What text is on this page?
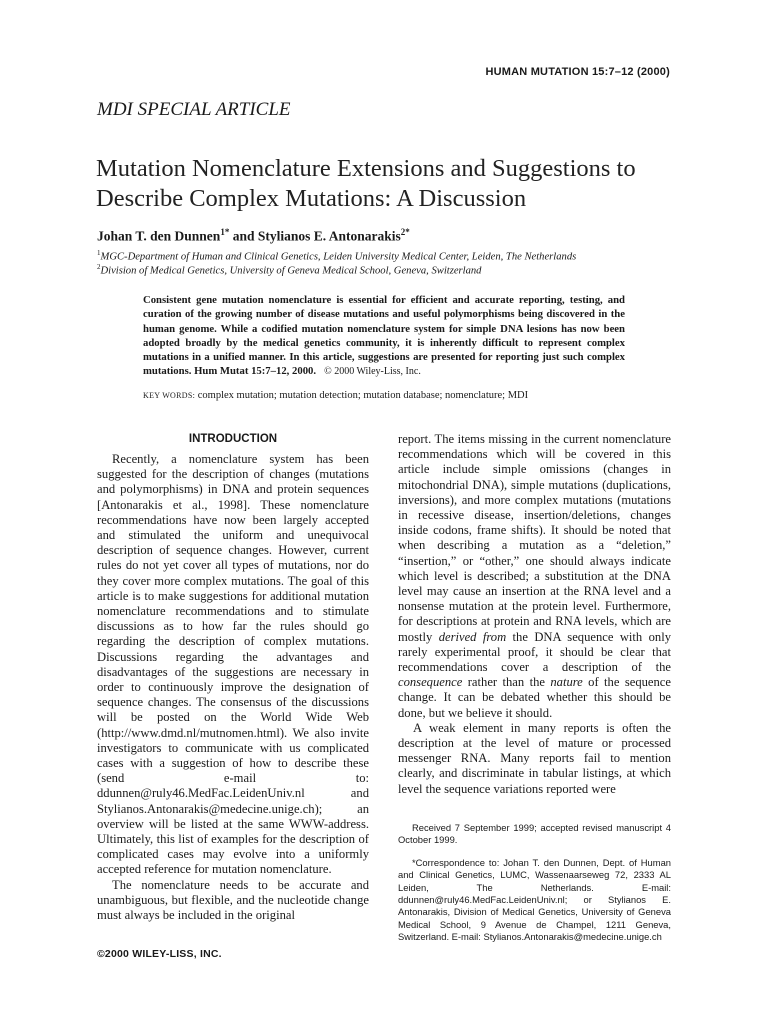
HUMAN MUTATION 15:7–12 (2000)
MDI SPECIAL ARTICLE
Mutation Nomenclature Extensions and Suggestions to Describe Complex Mutations: A Discussion
Johan T. den Dunnen$^{1*}$ and Stylianos E. Antonarakis$^{2*}$
$^1$MGC-Department of Human and Clinical Genetics, Leiden University Medical Center, Leiden, The Netherlands
$^2$Division of Medical Genetics, University of Geneva Medical School, Geneva, Switzerland
Consistent gene mutation nomenclature is essential for efficient and accurate reporting, testing, and curation of the growing number of disease mutations and useful polymorphisms being discovered in the human genome. While a codified mutation nomenclature system for simple DNA lesions has now been adopted broadly by the medical genetics community, it is inherently difficult to represent complex mutations in a unified manner. In this article, suggestions are presented for reporting just such complex mutations. Hum Mutat 15:7–12, 2000. © 2000 Wiley-Liss, Inc.
KEY WORDS: complex mutation; mutation detection; mutation database; nomenclature; MDI
INTRODUCTION

Recently, a nomenclature system has been suggested for the description of changes (mutations and polymorphisms) in DNA and protein sequences [Antonarakis et al., 1998]. These nomenclature recommendations have now been largely accepted and stimulated the uniform and unequivocal description of sequence changes. However, current rules do not yet cover all types of mutations, nor do they cover more complex mutations. The goal of this article is to make suggestions for additional mutation nomenclature recommendations and to stimulate discussions as to how far the rules should go regarding the description of complex mutations. Discussions regarding the advantages and disadvantages of the suggestions are necessary in order to continuously improve the designation of sequence changes. The consensus of the discussions will be posted on the World Wide Web (http://www.dmd.nl/mutnomen.html). We also invite investigators to communicate with us complicated cases with a suggestion of how to describe these (send e-mail to: ddunnen@ruly46.MedFac.LeidenUniv.nl and Stylianos.Antonarakis@medecine.unige.ch); an overview will be listed at the same WWW-address. Ultimately, this list of examples for the description of complicated cases may evolve into a uniformly accepted reference for mutation nomenclature.

The nomenclature needs to be accurate and unambiguous, but flexible, and the nucleotide change must always be included in the original

report. The items missing in the current nomenclature recommendations which will be covered in this article include simple omissions (changes in mitochondrial DNA), simple mutations (duplications, inversions), and more complex mutations (mutations in recessive disease, insertion/deletions, changes inside codons, frame shifts). It should be noted that when describing a mutation as a “deletion,” “insertion,” or “other,” one should always indicate which level is described; a substitution at the DNA level may cause an insertion at the RNA level and a nonsense mutation at the protein level. Furthermore, for descriptions at protein and RNA levels, which are mostly derived from the DNA sequence with only rarely experimental proof, it should be clear that recommendations cover a description of the consequence rather than the nature of the sequence change. It can be debated whether this should be done, but we believe it should.

A weak element in many reports is often the description at the level of mature or processed messenger RNA. Many reports fail to mention clearly, and discriminate in tabular listings, at which level the sequence variations reported were

Received 7 September 1999; accepted revised manuscript 4 October 1999.

*Correspondence to: Johan T. den Dunnen, Dept. of Human and Clinical Genetics, LUMC, Wassenaarseweg 72, 2333 AL Leiden, The Netherlands. E-mail: ddunnen@ruly46.MedFac.LeidenUniv.nl; or Stylianos E. Antonarakis, Division of Medical Genetics, University of Geneva Medical School, 9 Avenue de Champel, 1211 Geneva, Switzerland. E-mail: Stylianos.Antonarakis@medecine.unige.ch

©2000 WILEY-LISS, INC.
